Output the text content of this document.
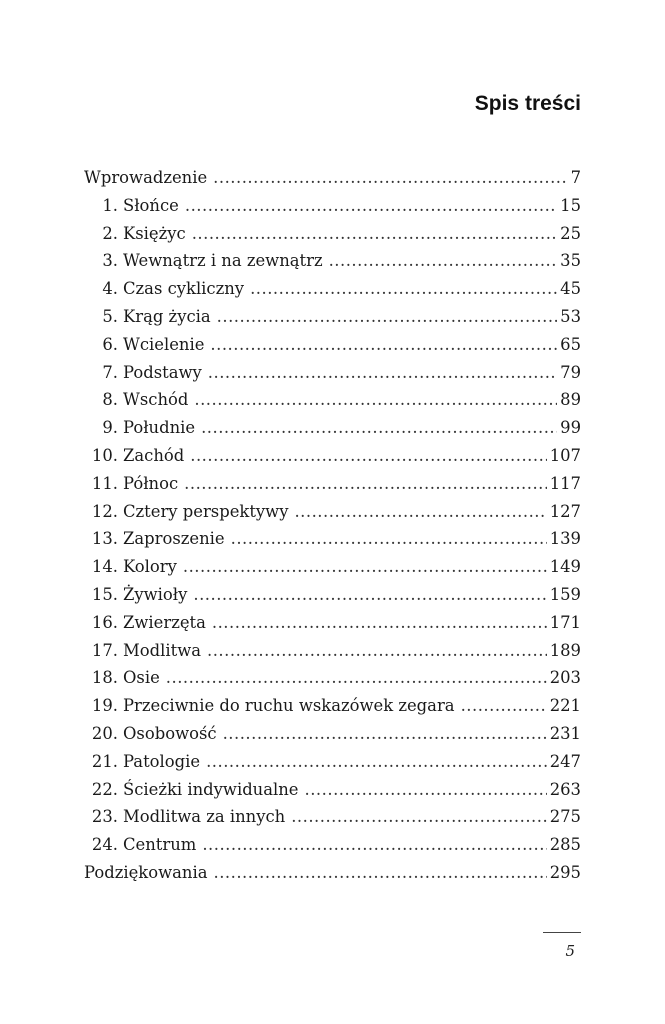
Spis treści
Wprowadzenie .....	7
1. Słońce .....	15
2. Księżyc .....	25
3. Wewnątrz i na zewnątrz .....	35
4. Czas cykliczny .....	45
5. Krąg życia .....	53
6. Wcielenie .....	65
7. Podstawy .....	79
8. Wschód .....	89
9. Południe .....	99
10. Zachód .....	107
11. Północ .....	117
12. Cztery perspektywy .....	127
13. Zaproszenie .....	139
14. Kolory .....	149
15. Żywioły .....	159
16. Zwierzęta .....	171
17. Modlitwa .....	189
18. Osie .....	203
19. Przeciwnie do ruchu wskazówek zegara .....	221
20. Osobowość .....	231
21. Patologie .....	247
22. Ścieżki indywidualne .....	263
23. Modlitwa za innych .....	275
24. Centrum .....	285
Podziękowania .....	295
5
